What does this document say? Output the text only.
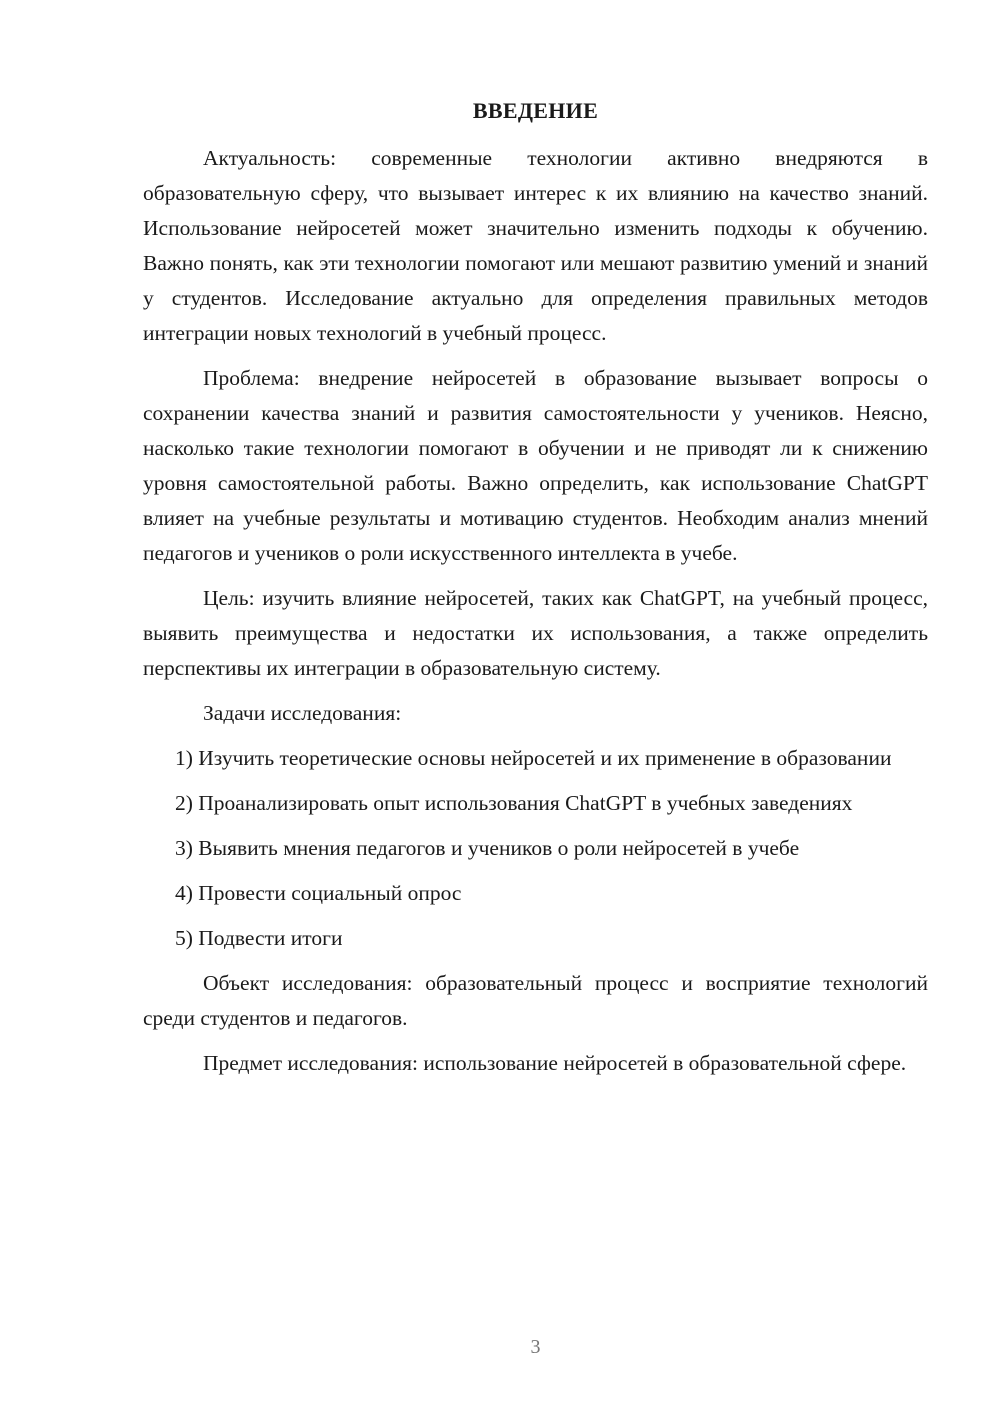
ВВЕДЕНИЕ

Актуальность: современные технологии активно внедряются в образовательную сферу, что вызывает интерес к их влиянию на качество знаний. Использование нейросетей может значительно изменить подходы к обучению. Важно понять, как эти технологии помогают или мешают развитию умений и знаний у студентов. Исследование актуально для определения правильных методов интеграции новых технологий в учебный процесс.

Проблема: внедрение нейросетей в образование вызывает вопросы о сохранении качества знаний и развития самостоятельности у учеников. Неясно, насколько такие технологии помогают в обучении и не приводят ли к снижению уровня самостоятельной работы. Важно определить, как использование ChatGPT влияет на учебные результаты и мотивацию студентов. Необходим анализ мнений педагогов и учеников о роли искусственного интеллекта в учебе.

Цель: изучить влияние нейросетей, таких как ChatGPT, на учебный процесс, выявить преимущества и недостатки их использования, а также определить перспективы их интеграции в образовательную систему.

Задачи исследования:

1) Изучить теоретические основы нейросетей и их применение в образовании

2) Проанализировать опыт использования ChatGPT в учебных заведениях

3) Выявить мнения педагогов и учеников о роли нейросетей в учебе

4) Провести социальный опрос

5) Подвести итоги

Объект исследования: образовательный процесс и восприятие технологий среди студентов и педагогов.

Предмет исследования: использование нейросетей в образовательной сфере.

3
